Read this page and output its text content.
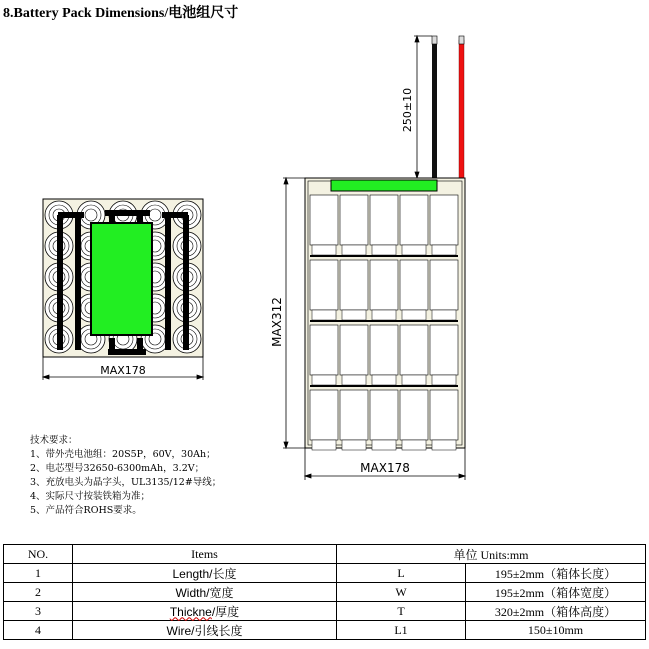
8.Battery Pack Dimensions/电池组尺寸
MAX178
250±10
MAX312
MAX178
技术要求：
1、带外壳电池组：20S5P，60V，30Ah；
2、电芯型号32650-6300mAh，3.2V；
3、充放电头为晶字头，UL3135/12#导线；
4、实际尺寸按装铁箱为准；
5、产品符合ROHS要求。
NO.	Items	单位 Units:mm	
1	Length/长度	L	195±2mm（箱体长度）
2	Width/宽度	W	195±2mm（箱体宽度）
3	Thickne/厚度	T	320±2mm（箱体高度）
4	Wire/引线长度	L1	150±10mm
